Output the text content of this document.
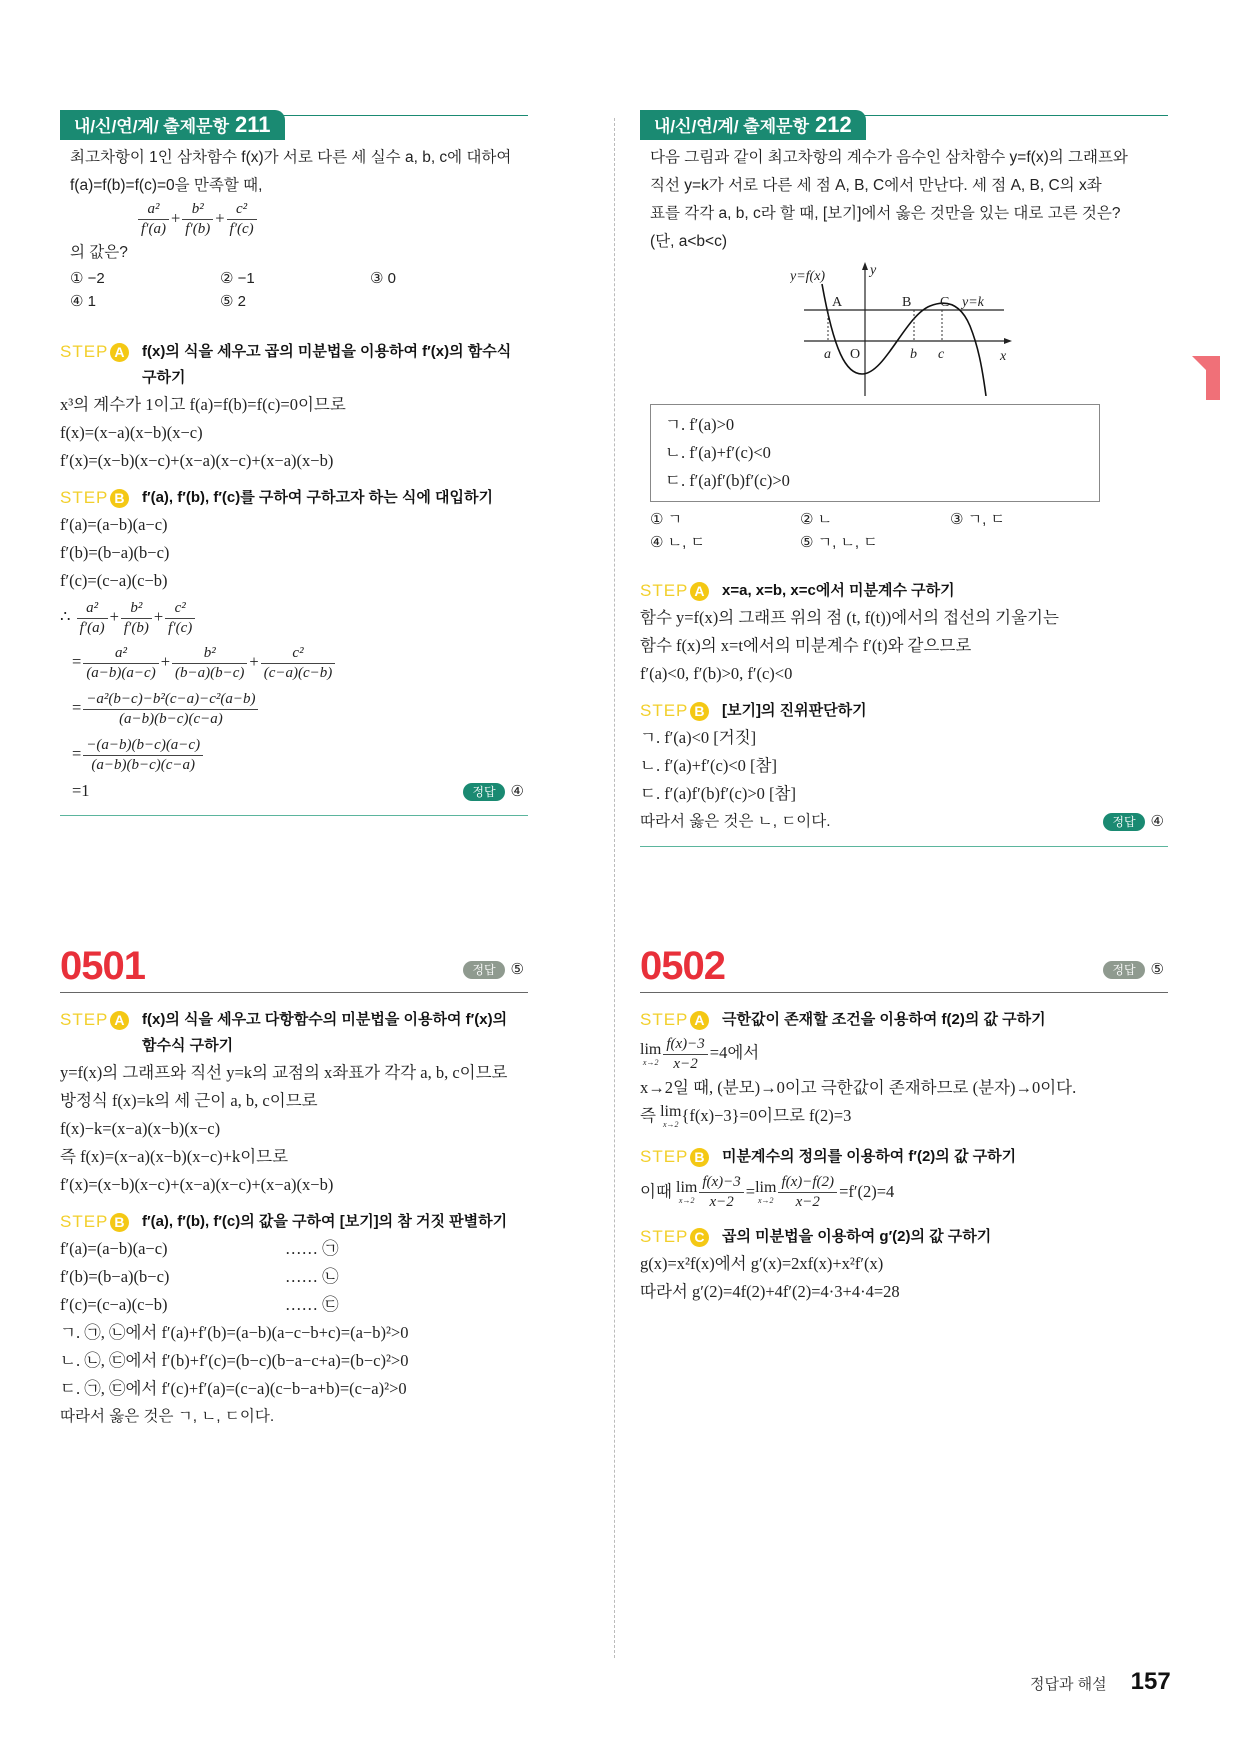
내/신/연/계/ 출제문항 211
최고차항이 1인 삼차함수 f(x)가 서로 다른 세 실수 a, b, c에 대하여
f(a)=f(b)=f(c)=0을 만족할 때,
$\frac{\text{a²}}{f'(a)} + \frac{\text{b²}}{f'(b)} + \frac{\text{c²}}{f'(c)}$
의 값은?
① −2	② −1	③ 0
④ 1	⑤ 2
STEP A	f(x)의 식을 세우고 곱의 미분법을 이용하여 f′(x)의 함수식 구하기
x³의 계수가 1이고 f(a)=f(b)=f(c)=0이므로
f(x)=(x−a)(x−b)(x−c)
f′(x)=(x−b)(x−c)+(x−a)(x−c)+(x−a)(x−b)
STEP B	f′(a), f′(b), f′(c)를 구하여 구하고자 하는 식에 대입하기
f′(a)=(a−b)(a−c)
f′(b)=(b−a)(b−c)
f′(c)=(c−a)(c−b)
∴ $\frac{\text{a²}}{f'(a)} + \frac{\text{b²}}{f'(b)} + \frac{\text{c²}}{f'(c)}$
= $\frac{\text{a²}}{(a-b)(a-c)} + \frac{\text{b²}}{(b-a)(b-c)} + \frac{\text{c²}}{(c-a)(c-b)}$
= $\frac{\text{−a²(b−c)−b²(c−a)−c²(a−b)}}{(a-b)(b-c)(c-a)}$
= $\frac{-(a-b)(b-c)(a-c)}{(a-b)(b-c)(c-a)}$
=1	정답 ④
0501	정답 ⑤
STEP A	f(x)의 식을 세우고 다항함수의 미분법을 이용하여 f′(x)의 함수식 구하기
y=f(x)의 그래프와 직선 y=k의 교점의 x좌표가 각각 a, b, c이므로
방정식 f(x)=k의 세 근이 a, b, c이므로
f(x)−k=(x−a)(x−b)(x−c)
즉 f(x)=(x−a)(x−b)(x−c)+k이므로
f′(x)=(x−b)(x−c)+(x−a)(x−c)+(x−a)(x−b)
STEP B	f′(a), f′(b), f′(c)의 값을 구하여 [보기]의 참 거짓 판별하기
f′(a)=(a−b)(a−c)	…… ㉠
f′(b)=(b−a)(b−c)	…… ㉡
f′(c)=(c−a)(c−b)	…… ㉢
ㄱ. ㉠, ㉡에서 f′(a)+f′(b)=(a−b)(a−c−b+c)=(a−b)²>0
ㄴ. ㉡, ㉢에서 f′(b)+f′(c)=(b−c)(b−a−c+a)=(b−c)²>0
ㄷ. ㉠, ㉢에서 f′(c)+f′(a)=(c−a)(c−b−a+b)=(c−a)²>0
따라서 옳은 것은 ㄱ, ㄴ, ㄷ이다.
내/신/연/계/ 출제문항 212
다음 그림과 같이 최고차항의 계수가 음수인 삼차함수 y=f(x)의 그래프와
직선 y=k가 서로 다른 세 점 A, B, C에서 만난다. 세 점 A, B, C의 x좌
표를 각각 a, b, c라 할 때, [보기]에서 옳은 것만을 있는 대로 고른 것은?
(단, a<b<c)
y=f(x)	y
x
y=k
O
A	B C
a	b c
ㄱ. f′(a)>0
ㄴ. f′(a)+f′(c)<0
ㄷ. f′(a)f′(b)f′(c)>0
① ㄱ	② ㄴ	③ ㄱ, ㄷ
④ ㄴ, ㄷ	⑤ ㄱ, ㄴ, ㄷ
STEP A	x=a, x=b, x=c에서 미분계수 구하기
함수 y=f(x)의 그래프 위의 점 (t, f(t))에서의 접선의 기울기는
함수 f(x)의 x=t에서의 미분계수 f′(t)와 같으므로
f′(a)<0, f′(b)>0, f′(c)<0
STEP B	[보기]의 진위판단하기
ㄱ. f′(a)<0 [거짓]
ㄴ. f′(a)+f′(c)<0 [참]
ㄷ. f′(a)f′(b)f′(c)>0 [참]
따라서 옳은 것은 ㄴ, ㄷ이다.	정답 ④
0502	정답 ⑤
STEP A	극한값이 존재할 조건을 이용하여 f(2)의 값 구하기
lim
$x\to 2 \frac{f(x)-3}{x-2} =4$에서
x→2일 때, (분모)→0이고 극한값이 존재하므로 (분자)→0이다.
즉 lim
x→2
{f(x)−3}=0이므로 f(2)=3
STEP B	미분계수의 정의를 이용하여 f′(2)의 값 구하기
이때 lim
$x\to 2 \frac{f(x)-3}{x-2} =\lim$
$x\to 2 \frac{f(x)-f(2)}{x-2} =f'(2)=4$
STEP C	곱의 미분법을 이용하여 g′(2)의 값 구하기
g(x)=x²f(x)에서 g′(x)=2xf(x)+x²f′(x)
따라서 g′(2)=4f(2)+4f′(2)=4·3+4·4=28
정답과 해설 157
